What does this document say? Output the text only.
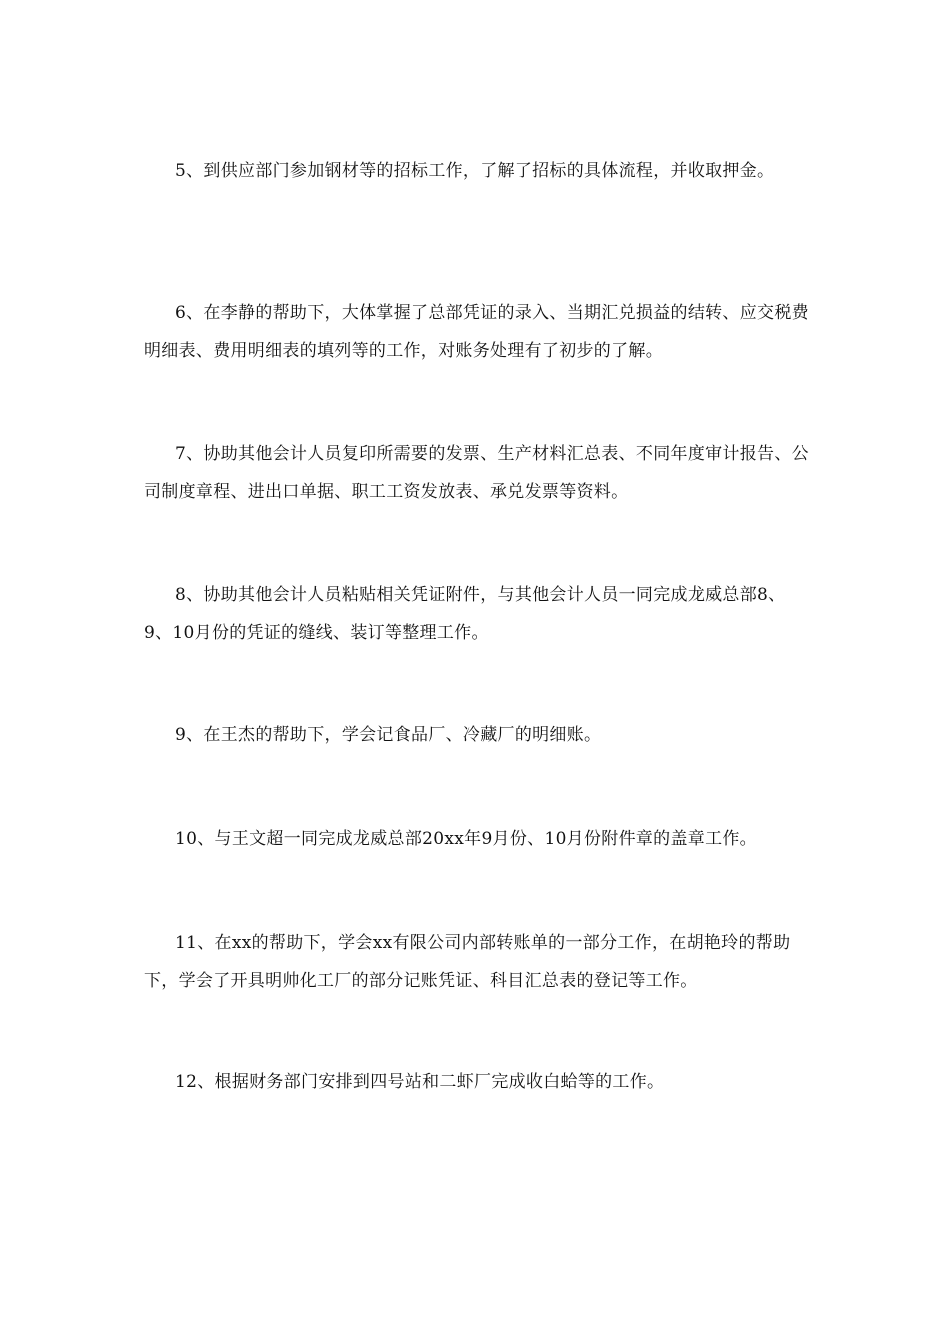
5、到供应部门参加钢材等的招标工作，了解了招标的具体流程，并收取押金。

6、在李静的帮助下，大体掌握了总部凭证的录入、当期汇兑损益的结转、应交税费明细表、费用明细表的填列等的工作，对账务处理有了初步的了解。

7、协助其他会计人员复印所需要的发票、生产材料汇总表、不同年度审计报告、公司制度章程、进出口单据、职工工资发放表、承兑发票等资料。

8、协助其他会计人员粘贴相关凭证附件，与其他会计人员一同完成龙威总部8、9、10月份的凭证的缝线、装订等整理工作。

9、在王杰的帮助下，学会记食品厂、冷藏厂的明细账。

10、与王文超一同完成龙威总部20xx年9月份、10月份附件章的盖章工作。

11、在xx的帮助下，学会xx有限公司内部转账单的一部分工作，在胡艳玲的帮助下，学会了开具明帅化工厂的部分记账凭证、科目汇总表的登记等工作。

12、根据财务部门安排到四号站和二虾厂完成收白蛤等的工作。
